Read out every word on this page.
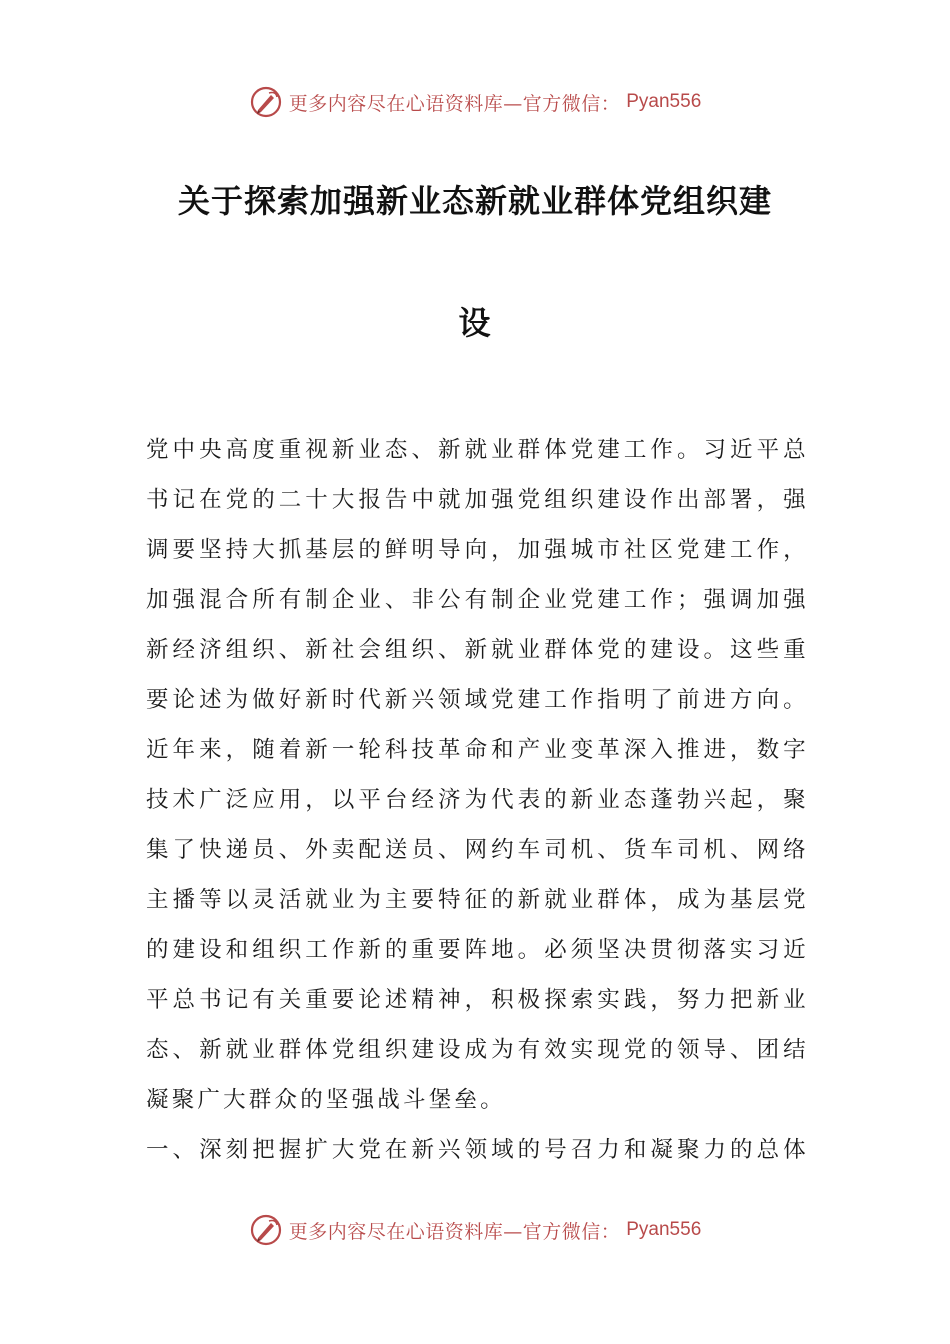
更多内容尽在心语资料库—官方微信： Pyan556
关于探索加强新业态新就业群体党组织建
设
党 中 央 高 度 重 视 新 业 态 、 新 就 业 群 体 党 建 工 作 。 习 近 平 总
书 记 在 党 的 二 十 大 报 告 中 就 加 强 党 组 织 建 设 作 出 部 署 ， 强
调 要 坚 持 大 抓 基 层 的 鲜 明 导 向 ， 加 强 城 市 社 区 党 建 工 作 ，
加 强 混 合 所 有 制 企 业 、 非 公 有 制 企 业 党 建 工 作 ； 强 调 加 强
新 经 济 组 织 、 新 社 会 组 织 、 新 就 业 群 体 党 的 建 设 。 这 些 重
要 论 述 为 做 好 新 时 代 新 兴 领 域 党 建 工 作 指 明 了 前 进 方 向 。
近 年 来 ， 随 着 新 一 轮 科 技 革 命 和 产 业 变 革 深 入 推 进 ， 数 字
技 术 广 泛 应 用 ， 以 平 台 经 济 为 代 表 的 新 业 态 蓬 勃 兴 起 ， 聚
集 了 快 递 员 、 外 卖 配 送 员 、 网 约 车 司 机 、 货 车 司 机 、 网 络
主 播 等 以 灵 活 就 业 为 主 要 特 征 的 新 就 业 群 体 ， 成 为 基 层 党
的 建 设 和 组 织 工 作 新 的 重 要 阵 地 。 必 须 坚 决 贯 彻 落 实 习 近
平 总 书 记 有 关 重 要 论 述 精 神 ， 积 极 探 索 实 践 ， 努 力 把 新 业
态 、 新 就 业 群 体 党 组 织 建 设 成 为 有 效 实 现 党 的 领 导 、 团 结
凝聚广大群众的坚强战斗堡垒。
一 、 深 刻 把 握 扩 大 党 在 新 兴 领 域 的 号 召 力 和 凝 聚 力 的 总 体
更多内容尽在心语资料库—官方微信： Pyan556
